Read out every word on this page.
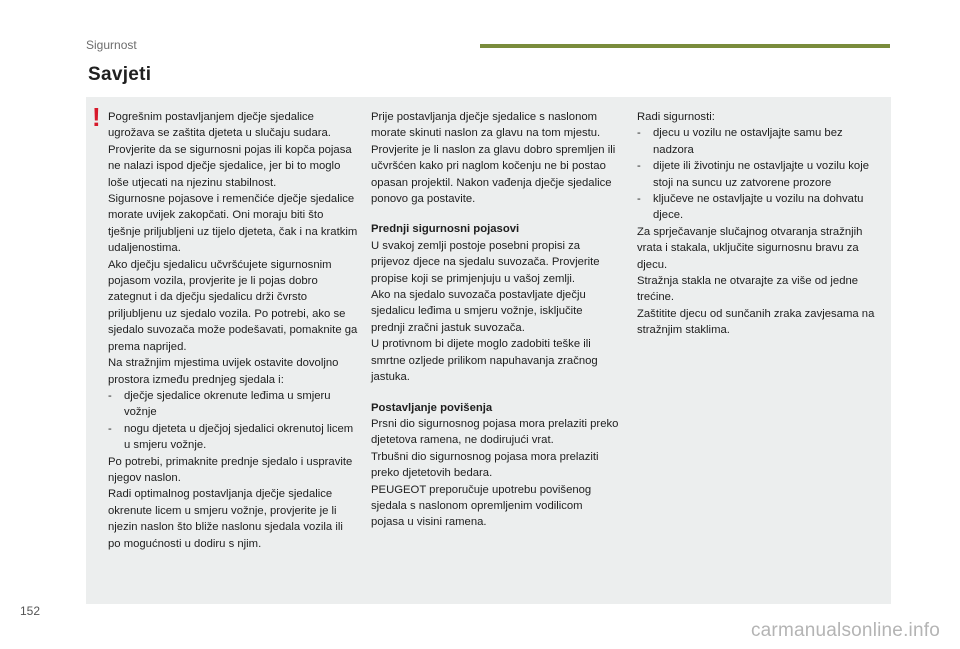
Sigurnost
Savjeti
! Pogrešnim postavljanjem dječje sjedalice ugrožava se zaštita djeteta u slučaju sudara.

Provjerite da se sigurnosni pojas ili kopča pojasa ne nalazi ispod dječje sjedalice, jer bi to moglo loše utjecati na njezinu stabilnost.

Sigurnosne pojasove i remenčiće dječje sjedalice morate uvijek zakopčati. Oni moraju biti što tješnje priljubljeni uz tijelo djeteta, čak i na kratkim udaljenostima.

Ako dječju sjedalicu učvršćujete sigurnosnim pojasom vozila, provjerite je li pojas dobro zategnut i da dječju sjedalicu drži čvrsto priljubljenu uz sjedalo vozila. Po potrebi, ako se sjedalo suvozača može podešavati, pomaknite ga prema naprijed.

Na stražnjim mjestima uvijek ostavite dovoljno prostora između prednjeg sjedala i:

- dječje sjedalice okrenute leđima u smjeru vožnje

- nogu djeteta u dječjoj sjedalici okrenutoj licem u smjeru vožnje.

Po potrebi, primaknite prednje sjedalo i uspravite njegov naslon.

Radi optimalnog postavljanja dječje sjedalice okrenute licem u smjeru vožnje, provjerite je li njezin naslon što bliže naslonu sjedala vozila ili po mogućnosti u dodiru s njim.

Prije postavljanja dječje sjedalice s naslonom morate skinuti naslon za glavu na tom mjestu. Provjerite je li naslon za glavu dobro spremljen ili učvršćen kako pri naglom kočenju ne bi postao opasan projektil. Nakon vađenja dječje sjedalice ponovo ga postavite.

Prednji sigurnosni pojasovi

U svakoj zemlji postoje posebni propisi za prijevoz djece na sjedalu suvozača. Provjerite propise koji se primjenjuju u vašoj zemlji.

Ako na sjedalo suvozača postavljate dječju sjedalicu leđima u smjeru vožnje, isključite prednji zračni jastuk suvozača.

U protivnom bi dijete moglo zadobiti teške ili smrtne ozljede prilikom napuhavanja zračnog jastuka.

Postavljanje povišenja

Prsni dio sigurnosnog pojasa mora prelaziti preko djetetova ramena, ne dodirujući vrat.

Trbušni dio sigurnosnog pojasa mora prelaziti preko djetetovih bedara.

PEUGEOT preporučuje upotrebu povišenog sjedala s naslonom opremljenim vodilicom pojasa u visini ramena.

Radi sigurnosti:

- djecu u vozilu ne ostavljajte samu bez nadzora

- dijete ili životinju ne ostavljajte u vozilu koje stoji na suncu uz zatvorene prozore

- ključeve ne ostavljajte u vozilu na dohvatu djece.

Za sprječavanje slučajnog otvaranja stražnjih vrata i stakala, uključite sigurnosnu bravu za djecu.

Stražnja stakla ne otvarajte za više od jedne trećine.

Zaštitite djecu od sunčanih zraka zavjesama na stražnjim staklima.

152
carmanualsonline.info
